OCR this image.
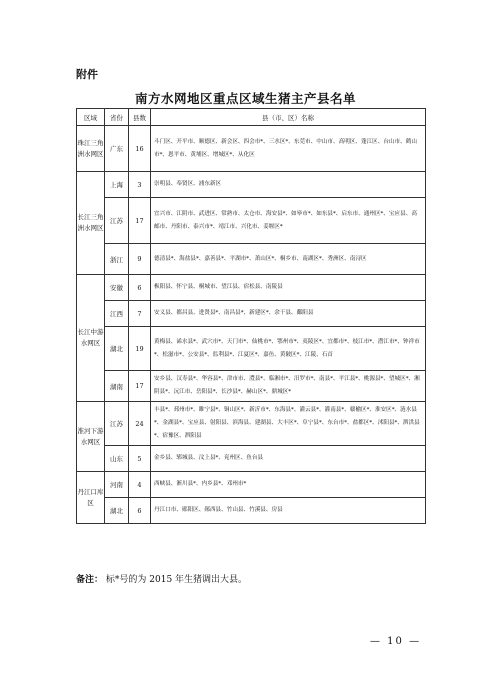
附件
南方水网地区重点区域生猪主产县名单
区域	省份	县数	县（市、区）名称
珠江三角洲水网区	广东	16	斗门区、开平市、顺德区、新会区、四会市*、三水区*、东莞市、中山市、高明区、蓬江区、台山市、鹤山市*、恩平市、黄埔区、增城区*、从化区
长江三角洲水网区	上海	3	崇明县、奉贤区、浦东新区
	江苏	17	宜兴市、江阴市、武进区、常熟市、太仓市、海安县*、如皋市*、如东县*、启东市、通州区*、宝应县、高邮市、丹阳市、泰兴市*、靖江市、兴化市、姜堰区*
	浙江	9	德清县*、海盐县*、嘉善县*、平湖市*、萧山区*、桐乡市、南湖区*、秀洲区、南浔区
长江中游水网区	安徽	6	枞阳县、怀宁县、桐城市、望江县、宿松县、南陵县
	江西	7	安义县、都昌县、进贤县*、南昌县*、新建区*、余干县、鄱阳县
	湖北	19	黄梅县、浠水县*、武穴市*、天门市*、仙桃市*、鄂州市*、夷陵区*、宜都市*、枝江市*、潜江市*、钟祥市*、松滋市*、公安县*、监利县*、江夏区*、嘉鱼、黄陂区*、江陵、石首
	湖南	17	安乡县、汉寿县*、华容县*、津市市、澧县*、临湘市*、汨罗市*、南县*、平江县*、桃源县*、望城区*、湘阴县*、沅江市、岳阳县*、长沙县*、赫山区*、鼎城区*
淮河下游水网区	江苏	24	丰县*、邳州市*、睢宁县*、铜山区*、新沂市*、东海县*、灌云县*、灌南县*、赣榆区*、淮安区*、涟水县*、金湖县*、宝应县、射阳县、滨海县、建湖县、大丰区*、阜宁县*、东台市*、盐都区*、沭阳县*、泗洪县*、宿豫区、泗阳县
	山东	5	金乡县、郓城县、汶上县*、兖州区、鱼台县
丹江口库区	河南	4	西峡县、淅川县*、内乡县*、邓州市*
	湖北	6	丹江口市、郧阳区、郧西县、竹山县、竹溪县、房县
备注： 标*号的为 2015 年生猪调出大县。
— 10 —
